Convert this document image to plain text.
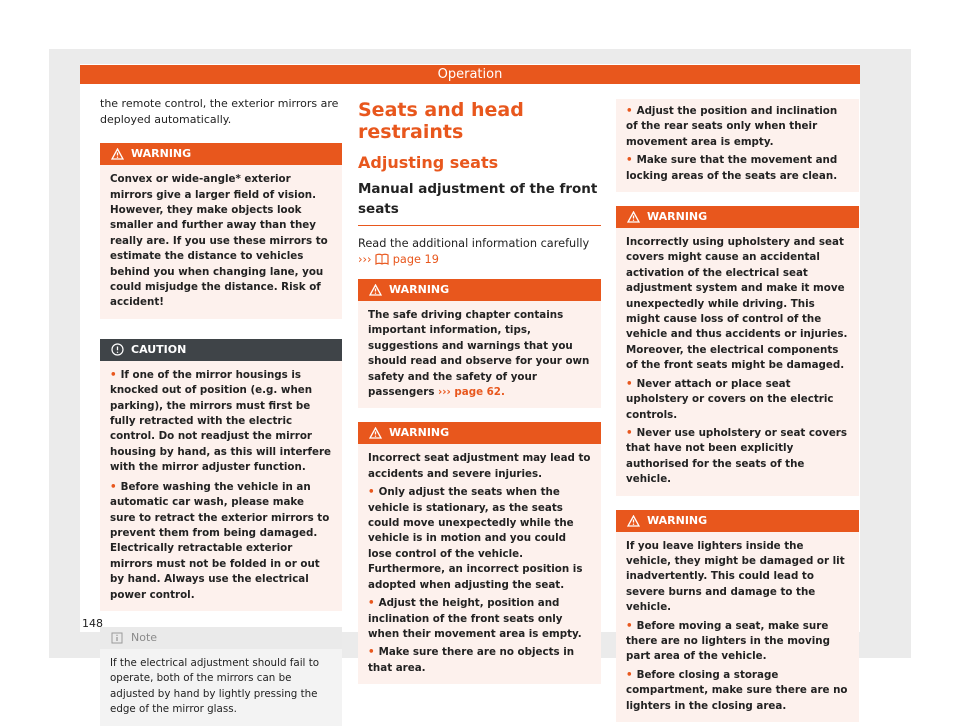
Operation

the remote control, the exterior mirrors are deployed automatically.

WARNING

Convex or wide-angle* exterior mirrors give a larger field of vision. However, they make objects look smaller and further away than they really are. If you use these mirrors to estimate the distance to vehicles behind you when changing lane, you could misjudge the distance. Risk of accident!

CAUTION

• If one of the mirror housings is knocked out of position (e.g. when parking), the mirrors must first be fully retracted with the electric control. Do not readjust the mirror housing by hand, as this will interfere with the mirror adjuster function.

• Before washing the vehicle in an automatic car wash, please make sure to retract the exterior mirrors to prevent them from being damaged. Electrically retractable exterior mirrors must not be folded in or out by hand. Always use the electrical power control.

Note

If the electrical adjustment should fail to operate, both of the mirrors can be adjusted by hand by lightly pressing the edge of the mirror glass.

Seats and head restraints
Adjusting seats
Manual adjustment of the front seats

Read the additional information carefully
››› page 19

WARNING

The safe driving chapter contains important information, tips, suggestions and warnings that you should read and observe for your own safety and the safety of your passengers ››› page 62.

WARNING

Incorrect seat adjustment may lead to accidents and severe injuries.

• Only adjust the seats when the vehicle is stationary, as the seats could move unexpectedly while the vehicle is in motion and you could lose control of the vehicle. Furthermore, an incorrect position is adopted when adjusting the seat.

• Adjust the height, position and inclination of the front seats only when their movement area is empty.

• Make sure there are no objects in that area.

• Adjust the position and inclination of the rear seats only when their movement area is empty.

• Make sure that the movement and locking areas of the seats are clean.

WARNING

Incorrectly using upholstery and seat covers might cause an accidental activation of the electrical seat adjustment system and make it move unexpectedly while driving. This might cause loss of control of the vehicle and thus accidents or injuries. Moreover, the electrical components of the front seats might be damaged.

• Never attach or place seat upholstery or covers on the electric controls.

• Never use upholstery or seat covers that have not been explicitly authorised for the seats of the vehicle.

WARNING

If you leave lighters inside the vehicle, they might be damaged or lit inadvertently. This could lead to severe burns and damage to the vehicle.

• Before moving a seat, make sure there are no lighters in the moving part area of the vehicle.

• Before closing a storage compartment, make sure there are no lighters in the closing area.

148
